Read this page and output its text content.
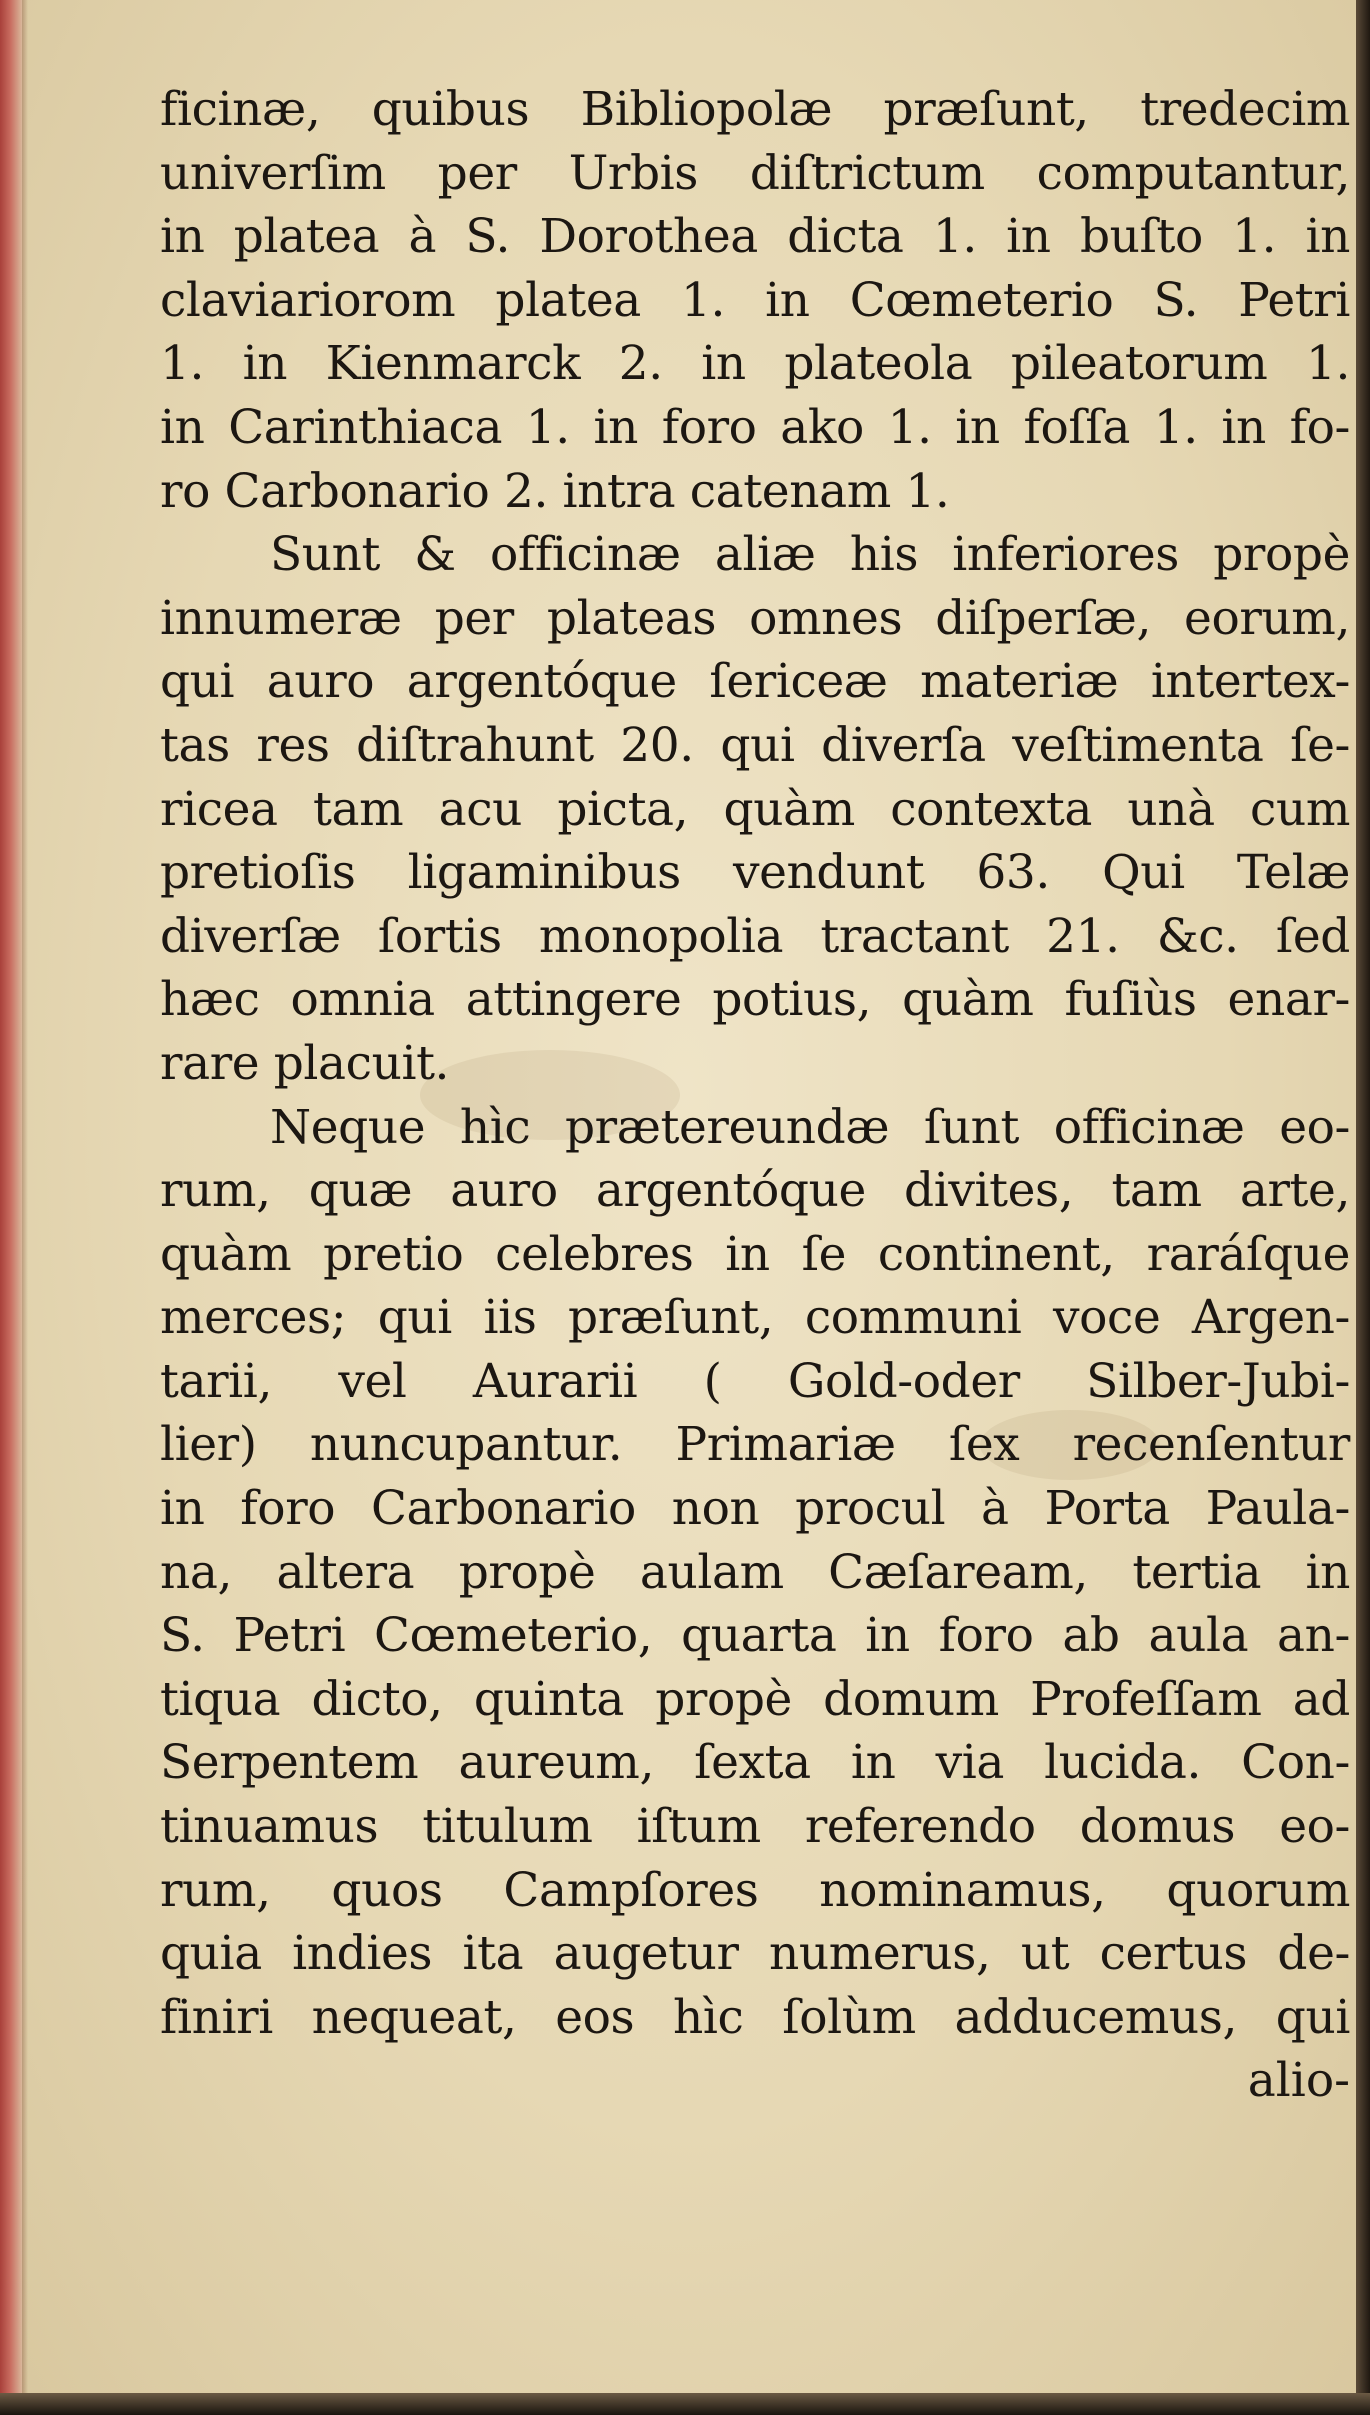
ficinæ, quibus Bibliopolæ præſunt, tredecim
univerſim per Urbis diſtrictum computantur,
in platea à S. Dorothea dicta 1. in buſto 1. in
claviariorom platea 1. in Cœmeterio S. Petri
1. in Kienmarck 2. in plateola pileatorum 1.
in Carinthiaca 1. in foro ako 1. in foſſa 1. in fo-
ro Carbonario 2. intra catenam 1.
Sunt & officinæ aliæ his inferiores propè
innumeræ per plateas omnes diſperſæ, eorum,
qui auro argentóque ſericeæ materiæ intertex-
tas res diſtrahunt 20. qui diverſa veſtimenta ſe-
ricea tam acu picta, quàm contexta unà cum
pretioſis ligaminibus vendunt 63. Qui Telæ
diverſæ ſortis monopolia tractant 21. &c. ſed
hæc omnia attingere potius, quàm fuſiùs enar-
rare placuit.
Neque hìc prætereundæ ſunt officinæ eo-
rum, quæ auro argentóque divites, tam arte,
quàm pretio celebres in ſe continent, raráſque
merces; qui iis præſunt, communi voce Argen-
tarii, vel Aurarii ( Gold-oder Silber-Jubi-
lier) nuncupantur. Primariæ ſex recenſentur
in foro Carbonario non procul à Porta Paula-
na, altera propè aulam Cæſaream, tertia in
S. Petri Cœmeterio, quarta in foro ab aula an-
tiqua dicto, quinta propè domum Profeſſam ad
Serpentem aureum, ſexta in via lucida. Con-
tinuamus titulum iſtum referendo domus eo-
rum, quos Campſores nominamus, quorum
quia indies ita augetur numerus, ut certus de-
finiri nequeat, eos hìc ſolùm adducemus, qui
alio-
